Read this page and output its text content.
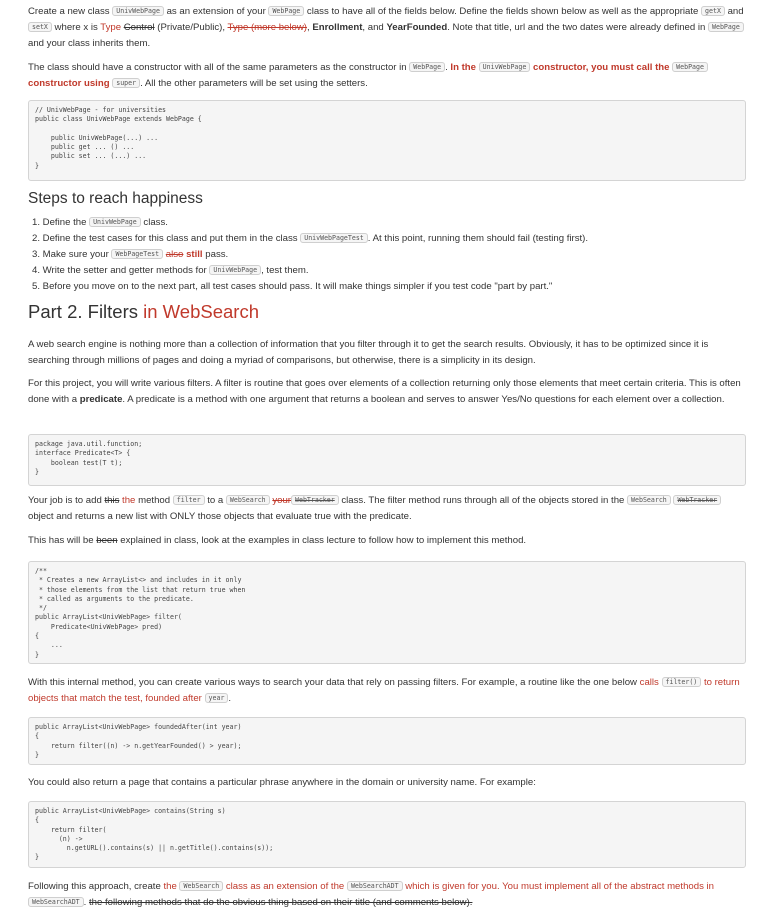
Create a new class UnivWebPage as an extension of your WebPage class to have all of the fields below. Define the fields shown below as well as the appropriate getX and setX where x is Type Control (Private/Public), Type (more below), Enrollment, and YearFounded. Note that title, url and the two dates were already defined in WebPage and your class inherits them.

The class should have a constructor with all of the same parameters as the constructor in WebPage . In the UnivWebPage constructor, you must call the WebPage constructor using super . All the other parameters will be set using the setters.

// UnivWebPage - for universities
public class UnivWebPage extends WebPage {

public UnivWebPage(...) ...
public get ... () ...
public set ... (...) ...
}
Steps to reach happiness
1. Define the UnivWebPage class.
2. Define the test cases for this class and put them in the class UnivWebPageTest . At this point, running them should fail (testing first).
3. Make sure your WebPageTest also still pass.
4. Write the setter and getter methods for UnivWebPage , test them.
5. Before you move on to the next part, all test cases should pass. It will make things simpler if you test code "part by part."
Part 2. Filters in WebSearch

A web search engine is nothing more than a collection of information that you filter through it to get the search results. Obviously, it has to be optimized since it is searching through millions of pages and doing a myriad of comparisons, but otherwise, there is a simplicity in its design.

For this project, you will write various filters. A filter is routine that goes over elements of a collection returning only those elements that meet certain criteria. This is often done with a predicate. A predicate is a method with one argument that returns a boolean and serves to answer Yes/No questions for each element over a collection.

package java.util.function;
interface Predicate<T> {
boolean test(T t);
}

Your job is to add this the method filter to a WebSearch your WebTracker class. The filter method runs through all of the objects stored in the WebSearch WebTracker object and returns a new list with ONLY those objects that evaluate true with the predicate.

This has will be been explained in class, look at the examples in class lecture to follow how to implement this method.

/**
* Creates a new ArrayList<> and includes in it only
* those elements from the list that return true when
* called as arguments to the predicate.
*/
public ArrayList<UnivWebPage> filter(
Predicate<UnivWebPage> pred)
{
...
}

With this internal method, you can create various ways to search your data that rely on passing filters. For example, a routine like the one below calls filter() to return objects that match the test, founded after year .

public ArrayList<UnivWebPage> foundedAfter(int year)
{
return filter((n) -> n.getYearFounded() > year);
}

You could also return a page that contains a particular phrase anywhere in the domain or university name. For example:

public ArrayList<UnivWebPage> contains(String s)
{
return filter(
(n) ->
n.getURL().contains(s) || n.getTitle().contains(s));
}

Following this approach, create the WebSearch class as an extension of the WebSearchADT which is given for you. You must implement all of the abstract methods in WebSearchADT . the following methods that do the obvious thing based on their title (and comments below).
